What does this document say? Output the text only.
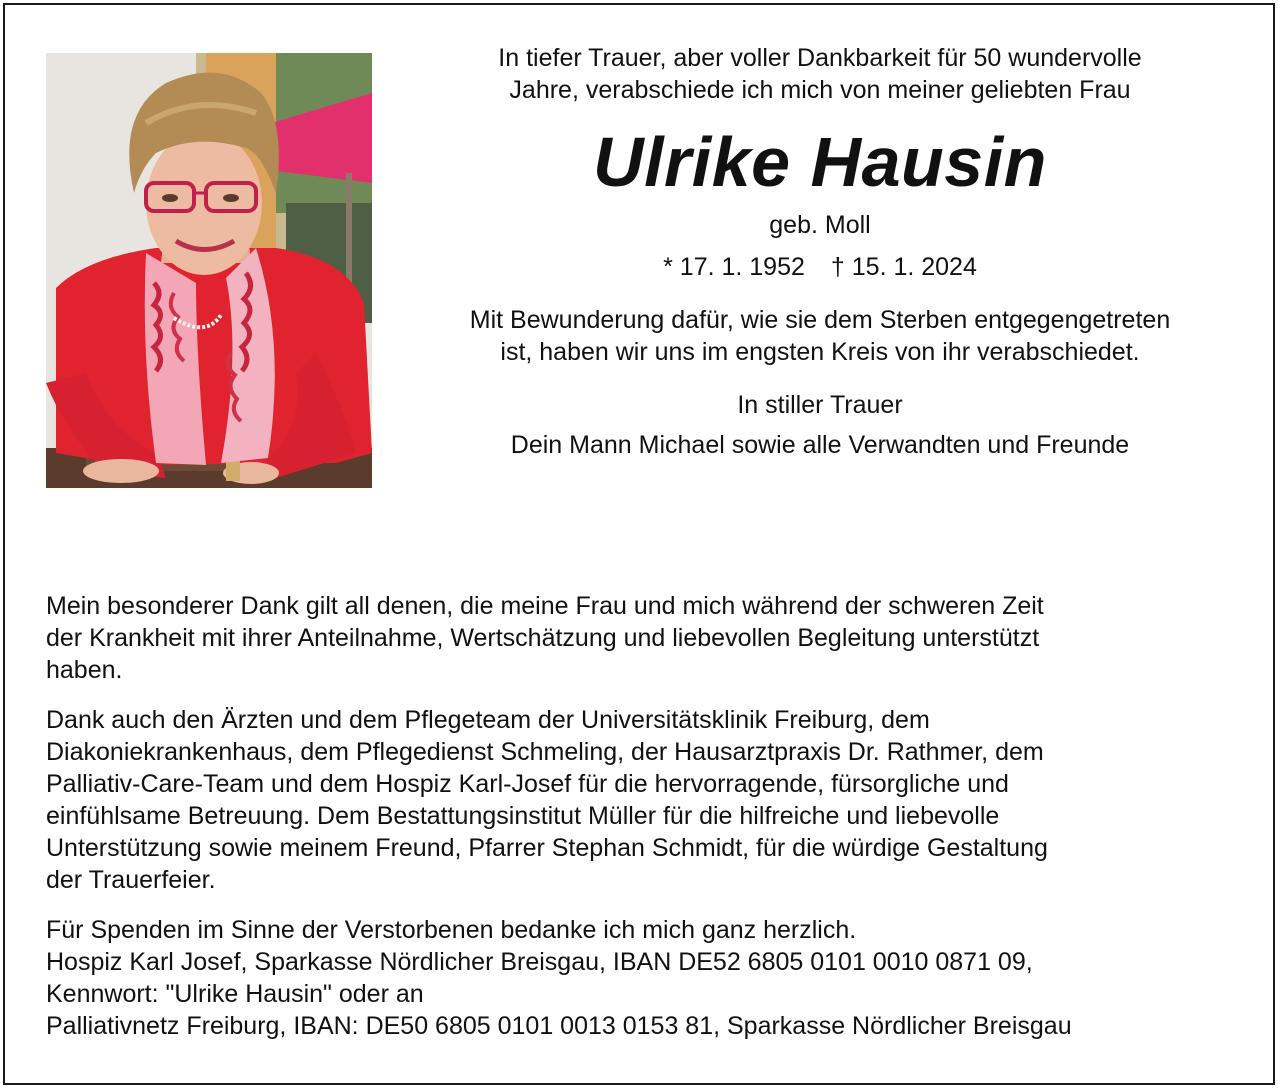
In tiefer Trauer, aber voller Dankbarkeit für 50 wundervolle
Jahre, verabschiede ich mich von meiner geliebten Frau

Ulrike Hausin

geb. Moll

* 17. 1. 1952 † 15. 1. 2024

Mit Bewunderung dafür, wie sie dem Sterben entgegengetreten
ist, haben wir uns im engsten Kreis von ihr verabschiedet.

In stiller Trauer

Dein Mann Michael sowie alle Verwandten und Freunde

Mein besonderer Dank gilt all denen, die meine Frau und mich während der schweren Zeit
der Krankheit mit ihrer Anteilnahme, Wertschätzung und liebevollen Begleitung unterstützt
haben.

Dank auch den Ärzten und dem Pflegeteam der Universitätsklinik Freiburg, dem
Diakoniekrankenhaus, dem Pflegedienst Schmeling, der Hausarztpraxis Dr. Rathmer, dem
Palliativ-Care-Team und dem Hospiz Karl-Josef für die hervorragende, fürsorgliche und
einfühlsame Betreuung. Dem Bestattungsinstitut Müller für die hilfreiche und liebevolle
Unterstützung sowie meinem Freund, Pfarrer Stephan Schmidt, für die würdige Gestaltung
der Trauerfeier.

Für Spenden im Sinne der Verstorbenen bedanke ich mich ganz herzlich.
Hospiz Karl Josef, Sparkasse Nördlicher Breisgau, IBAN DE52 6805 0101 0010 0871 09,
Kennwort: "Ulrike Hausin" oder an
Palliativnetz Freiburg, IBAN: DE50 6805 0101 0013 0153 81, Sparkasse Nördlicher Breisgau
